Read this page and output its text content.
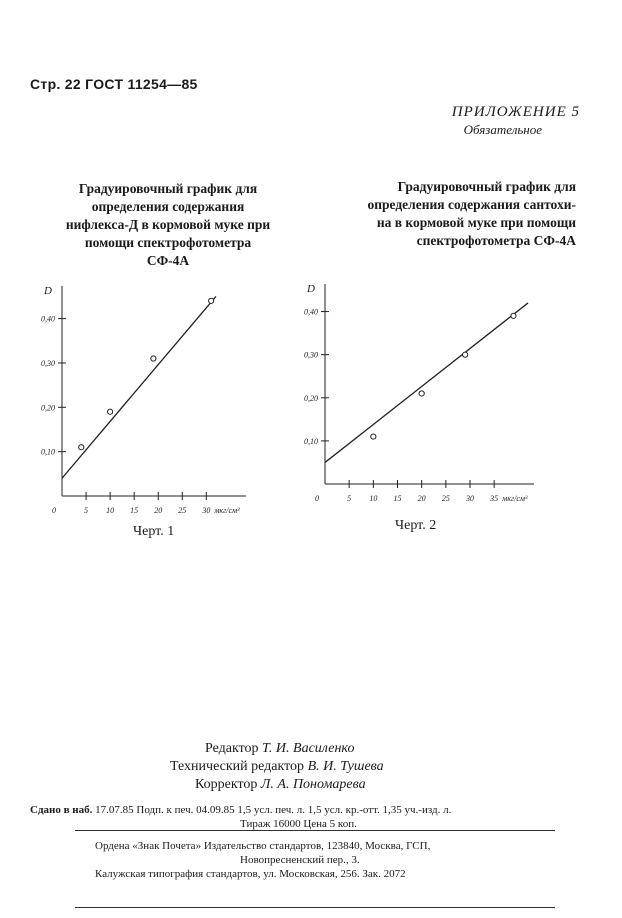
Стр. 22 ГОСТ 11254—85
ПРИЛОЖЕНИЕ 5
Обязательное
Градуировочный график для
определения содержания
нифлекса-Д в кормовой муке при
помощи спектрофотометра
СФ-4А
Градуировочный график для
определения содержания сантохи-
на в кормовой муке при помощи
спектрофотометра СФ-4А
D
0,10
0,20
0,30
0,40
0	5 10 15 20 25 30 мкг/см³
D
0,10
0,20
0,30
0,40
0	5 10 15 20 25 30 35 мкг/см³
Черт. 1	Черт. 2
Редактор Т. И. Василенко
Технический редактор В. И. Тушева
Корректор Л. А. Пономарева
Сдано в наб. 17.07.85 Подп. к печ. 04.09.85 1,5 усл. печ. л. 1,5 усл. кр.-отт. 1,35 уч.-изд. л.
Тираж 16000 Цена 5 коп.
Ордена «Знак Почета» Издательство стандартов, 123840, Москва, ГСП,
Новопресненский пер., 3.
Калужская типография стандартов, ул. Московская, 256. Зак. 2072
